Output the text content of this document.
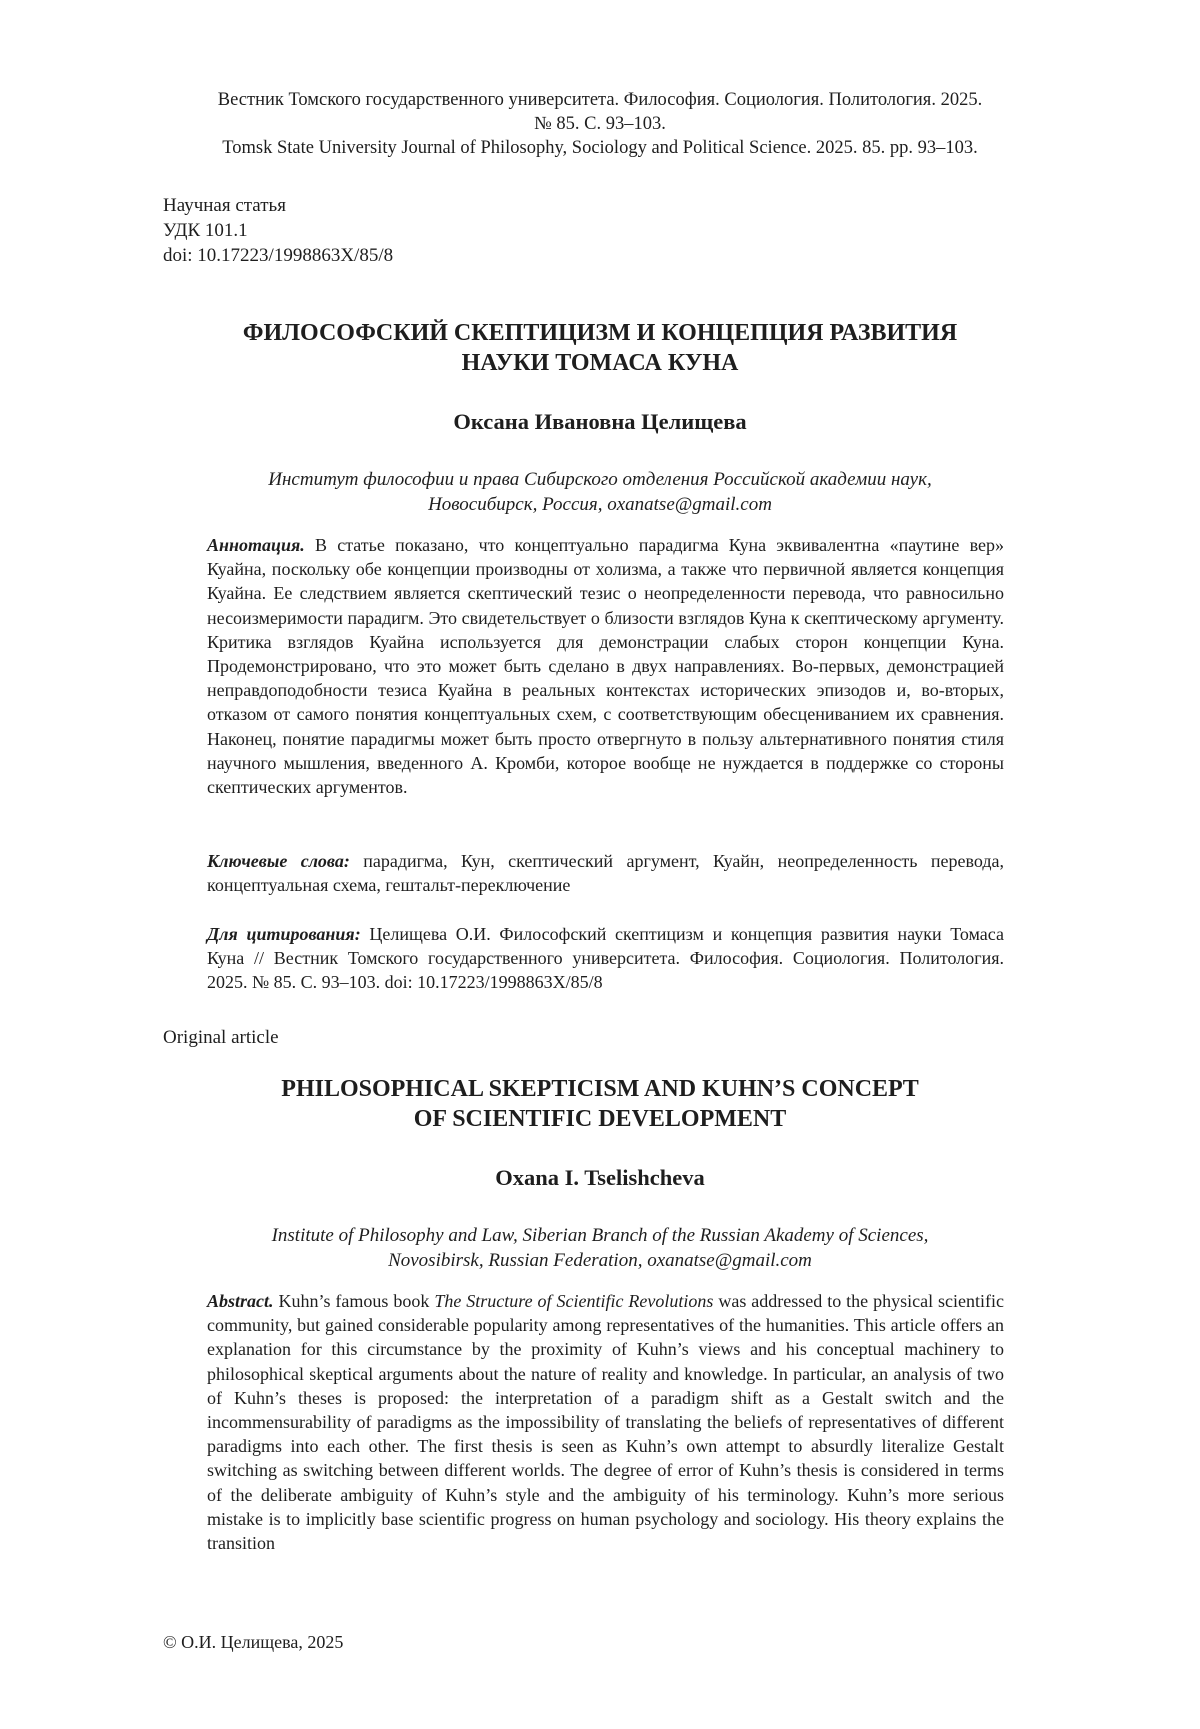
Вестник Томского государственного университета. Философия. Социология. Политология. 2025.
№ 85. С. 93–103.
Tomsk State University Journal of Philosophy, Sociology and Political Science. 2025. 85. pp. 93–103.
Научная статья
УДК 101.1
doi: 10.17223/1998863X/85/8
ФИЛОСОФСКИЙ СКЕПТИЦИЗМ И КОНЦЕПЦИЯ РАЗВИТИЯ
НАУКИ ТОМАСА КУНА
Оксана Ивановна Целищева
Институт философии и права Сибирского отделения Российской академии наук,
Новосибирск, Россия, oxanatse@gmail.com
Аннотация. В статье показано, что концептуально парадигма Куна эквивалентна «паутине вер» Куайна, поскольку обе концепции производны от холизма, а также что первичной является концепция Куайна. Ее следствием является скептический тезис о неопределенности перевода, что равносильно несоизмеримости парадигм. Это свидетельствует о близости взглядов Куна к скептическому аргументу. Критика взглядов Куайна используется для демонстрации слабых сторон концепции Куна. Продемонстрировано, что это может быть сделано в двух направлениях. Во-первых, демонстрацией неправдоподобности тезиса Куайна в реальных контекстах исторических эпизодов и, во-вторых, отказом от самого понятия концептуальных схем, с соответствующим обесцениванием их сравнения. Наконец, понятие парадигмы может быть просто отвергнуто в пользу альтернативного понятия стиля научного мышления, введенного А. Кромби, которое вообще не нуждается в поддержке со стороны скептических аргументов.
Ключевые слова: парадигма, Кун, скептический аргумент, Куайн, неопределенность перевода, концептуальная схема, гештальт-переключение
Для цитирования: Целищева О.И. Философский скептицизм и концепция развития науки Томаса Куна // Вестник Томского государственного университета. Философия. Социология. Политология. 2025. № 85. С. 93–103. doi: 10.17223/1998863X/85/8
Original article
PHILOSOPHICAL SKEPTICISM AND KUHN’S CONCEPT
OF SCIENTIFIC DEVELOPMENT
Oxana I. Tselishcheva
Institute of Philosophy and Law, Siberian Branch of the Russian Akademy of Sciences,
Novosibirsk, Russian Federation, oxanatse@gmail.com
Abstract. Kuhn’s famous book The Structure of Scientific Revolutions was addressed to the physical scientific community, but gained considerable popularity among representatives of the humanities. This article offers an explanation for this circumstance by the proximity of Kuhn’s views and his conceptual machinery to philosophical skeptical arguments about the nature of reality and knowledge. In particular, an analysis of two of Kuhn’s theses is proposed: the interpretation of a paradigm shift as a Gestalt switch and the incommensurability of paradigms as the impossibility of translating the beliefs of representatives of different paradigms into each other. The first thesis is seen as Kuhn’s own attempt to absurdly literalize Gestalt switching as switching between different worlds. The degree of error of Kuhn’s thesis is considered in terms of the deliberate ambiguity of Kuhn’s style and the ambiguity of his terminology. Kuhn’s more serious mistake is to implicitly base scientific progress on human psychology and sociology. His theory explains the transition
© О.И. Целищева, 2025
